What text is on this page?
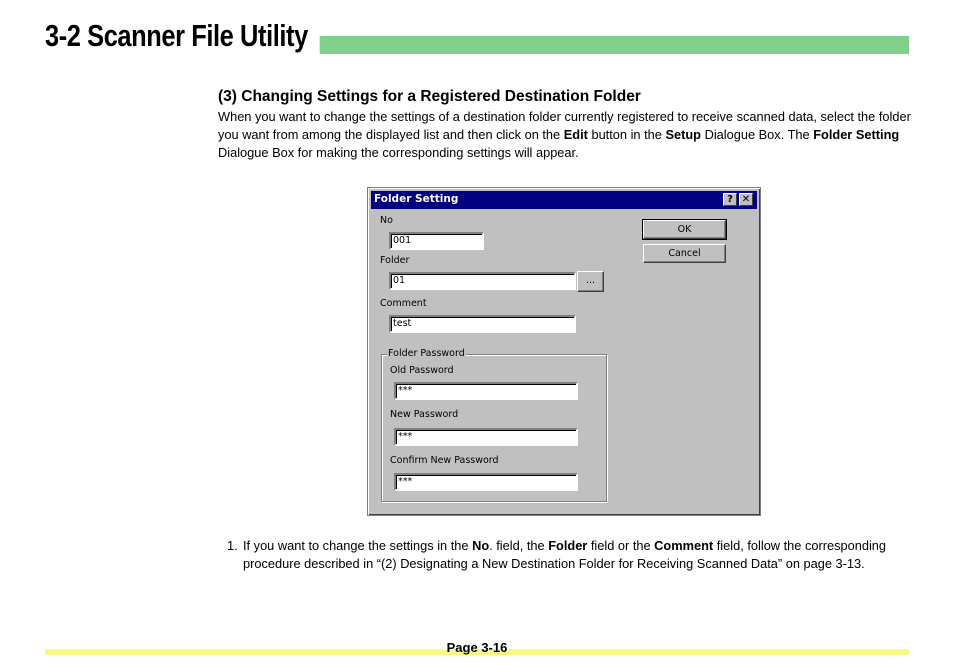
3-2 Scanner File Utility
(3) Changing Settings for a Registered Destination Folder

When you want to change the settings of a destination folder currently registered to receive scanned data, select the folder you want from among the displayed list and then click on the Edit button in the Setup Dialogue Box. The Folder Setting Dialogue Box for making the corresponding settings will appear.

Folder Setting	? ✕
No
001
Folder
01	...
Comment
test
OK
Cancel
Folder Password
Old Password
***
New Password
***
Confirm New Password
***

1. If you want to change the settings in the No. field, the Folder field or the Comment field, follow the corresponding procedure described in “(2) Designating a New Destination Folder for Receiving Scanned Data” on page 3-13.

Page 3-16
